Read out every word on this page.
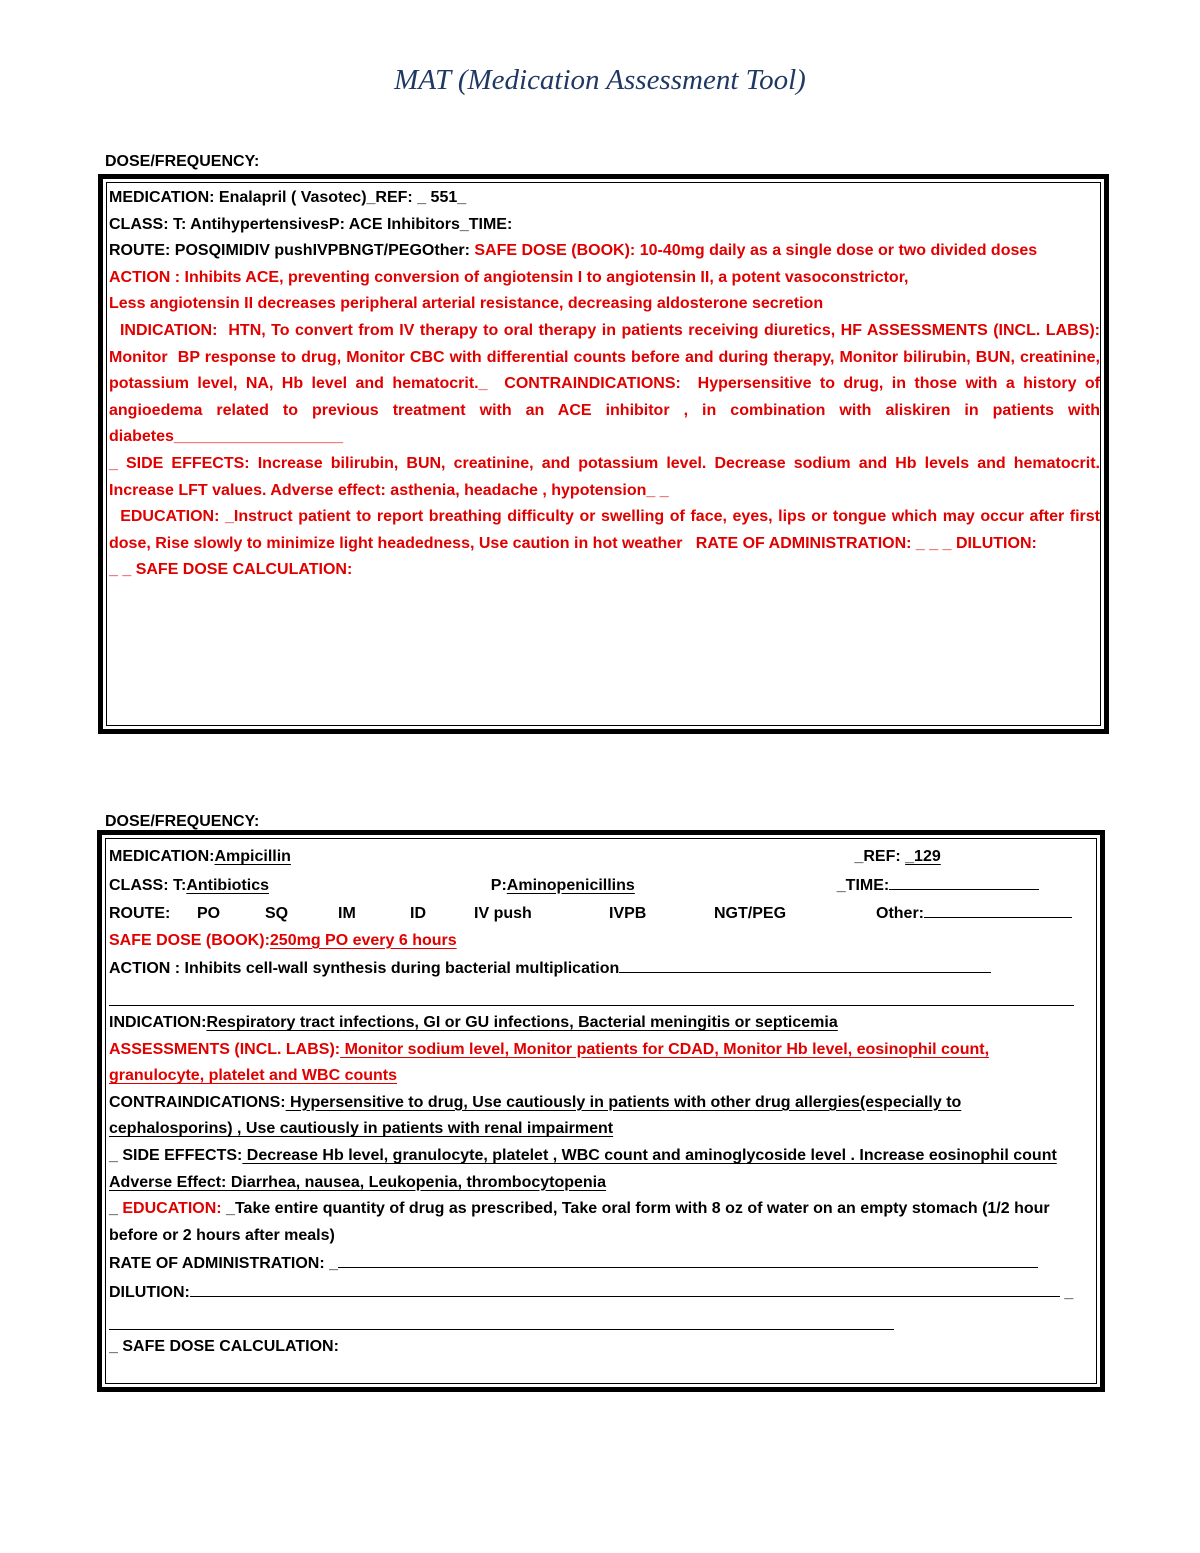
MAT (Medication Assessment Tool)
DOSE/FREQUENCY:
MEDICATION: Enalapril ( Vasotec)_REF: _ 551_
CLASS: T: AntihypertensivesP: ACE Inhibitors_TIME:
ROUTE: POSQIMIDIV pushIVPBNGT/PEGOther: SAFE DOSE (BOOK): 10-40mg daily as a single dose or two divided doses
ACTION : Inhibits ACE, preventing conversion of angiotensin I to angiotensin II, a potent vasoconstrictor,
Less angiotensin II decreases peripheral arterial resistance, decreasing aldosterone secretion
INDICATION:  HTN, To convert from IV therapy to oral therapy in patients receiving diuretics, HF ASSESSMENTS (INCL. LABS): Monitor  BP response to drug, Monitor CBC with differential counts before and during therapy, Monitor bilirubin, BUN, creatinine, potassium level, NA, Hb level and hematocrit._  CONTRAINDICATIONS:  Hypersensitive to drug, in those with a history of angioedema related to previous treatment with an ACE inhibitor , in combination with aliskiren in patients with diabetes___________________
_ SIDE EFFECTS: Increase bilirubin, BUN, creatinine, and potassium level. Decrease sodium and Hb levels and hematocrit. Increase LFT values. Adverse effect: asthenia, headache , hypotension_ _
EDUCATION: _Instruct patient to report breathing difficulty or swelling of face, eyes, lips or tongue which may occur after first dose, Rise slowly to minimize light headedness, Use caution in hot weather   RATE OF ADMINISTRATION: _ _ _ DILUTION:
_ _ SAFE DOSE CALCULATION:
DOSE/FREQUENCY:
MEDICATION:Ampicillin	_REF: _129
CLASS: T:Antibiotics	P:Aminopenicillins	_TIME:
ROUTE: PO	SQ	IM	ID	IV push	IVPB	NGT/PEG	Other:
SAFE DOSE (BOOK):250mg PO every 6 hours
ACTION : Inhibits cell-wall synthesis during bacterial multiplication
INDICATION:Respiratory tract infections, GI or GU infections, Bacterial meningitis or septicemia
ASSESSMENTS (INCL. LABS): Monitor sodium level, Monitor patients for CDAD, Monitor Hb level, eosinophil count, granulocyte, platelet and WBC counts
CONTRAINDICATIONS: Hypersensitive to drug, Use cautiously in patients with other drug allergies(especially to cephalosporins) , Use cautiously in patients with renal impairment
_ SIDE EFFECTS: Decrease Hb level, granulocyte, platelet , WBC count and aminoglycoside level . Increase eosinophil count Adverse Effect: Diarrhea, nausea, Leukopenia, thrombocytopenia
_ EDUCATION: _Take entire quantity of drug as prescribed, Take oral form with 8 oz of water on an empty stomach (1/2 hour before or 2 hours after meals)
RATE OF ADMINISTRATION: _
DILUTION:	_
_ SAFE DOSE CALCULATION:
